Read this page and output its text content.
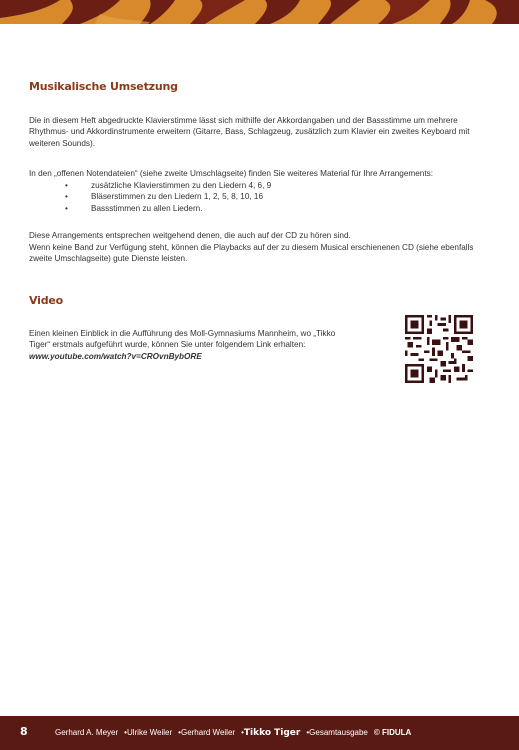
Musikalische Umsetzung

Die in diesem Heft abgedruckte Klavierstimme lässt sich mithilfe der Akkordangaben und der Bassstimme um mehrere Rhythmus- und Akkordinstrumente erweitern (Gitarre, Bass, Schlagzeug, zusätzlich zum Klavier ein zweites Keyboard mit weiteren Sounds).

In den „offenen Notendateien“ (siehe zweite Umschlagseite) finden Sie weiteres Material für Ihre Arrangements:

•	zusätzliche Klavierstimmen zu den Liedern 4, 6, 9
•	Bläserstimmen zu den Liedern 1, 2, 5, 8, 10, 16
•	Bassstimmen zu allen Liedern.

Diese Arrangements entsprechen weitgehend denen, die auch auf der CD zu hören sind.

Wenn keine Band zur Verfügung steht, können die Playbacks auf der zu diesem Musical erschienenen CD (siehe ebenfalls zweite Umschlagseite) gute Dienste leisten.

Video

Einen kleinen Einblick in die Aufführung des Moll-Gymnasiums Mannheim, wo „Tikko Tiger“ erstmals aufgeführt wurde, können Sie unter folgendem Link erhalten: www.youtube.com/watch?v=CROvnBybORE

8	Gerhard A. Meyer •Ulrike Weiler •Gerhard Weiler •Tikko Tiger •Gesamtausgabe © FIDULA
